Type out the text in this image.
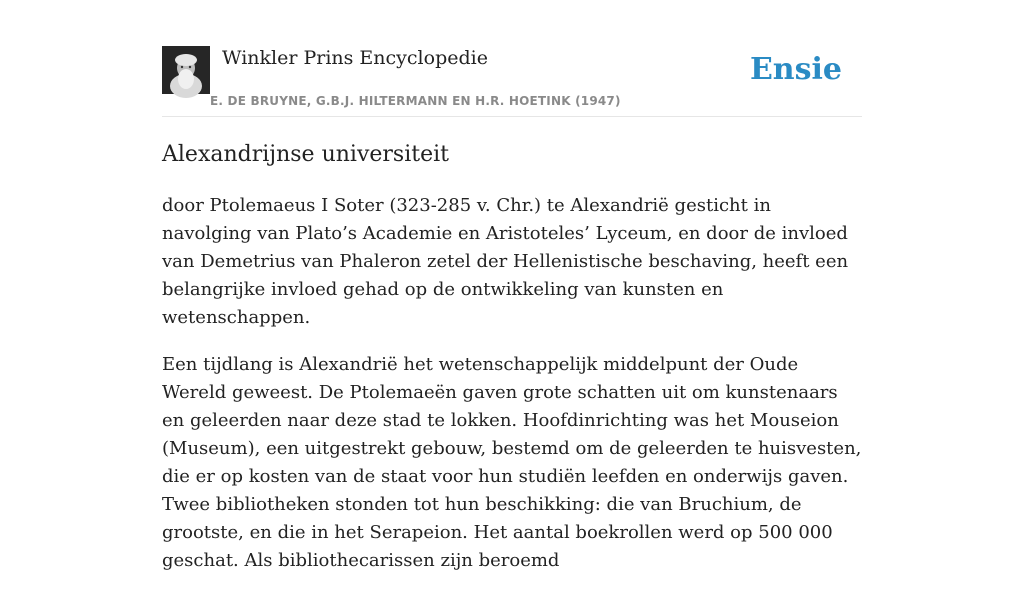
Winkler Prins Encyclopedie
E. DE BRUYNE, G.B.J. HILTERMANN EN H.R. HOETINK (1947)
Ensie
Alexandrijnse universiteit

door Ptolemaeus I Soter (323-285 v. Chr.) te Alexandrië gesticht in navolging van Plato’s Academie en Aristoteles’ Lyceum, en door de invloed van Demetrius van Phaleron zetel der Hellenistische beschaving, heeft een belangrijke invloed gehad op de ontwikkeling van kunsten en wetenschappen.

Een tijdlang is Alexandrië het wetenschappelijk middelpunt der Oude Wereld geweest. De Ptolemaeën gaven grote schatten uit om kunstenaars en geleerden naar deze stad te lokken. Hoofdinrichting was het Mouseion (Museum), een uitgestrekt gebouw, bestemd om de geleerden te huisvesten, die er op kosten van de staat voor hun studiën leefden en onderwijs gaven. Twee bibliotheken stonden tot hun beschikking: die van Bruchium, de grootste, en die in het Serapeion. Het aantal boekrollen werd op 500 000 geschat. Als bibliothecarissen zijn beroemd
